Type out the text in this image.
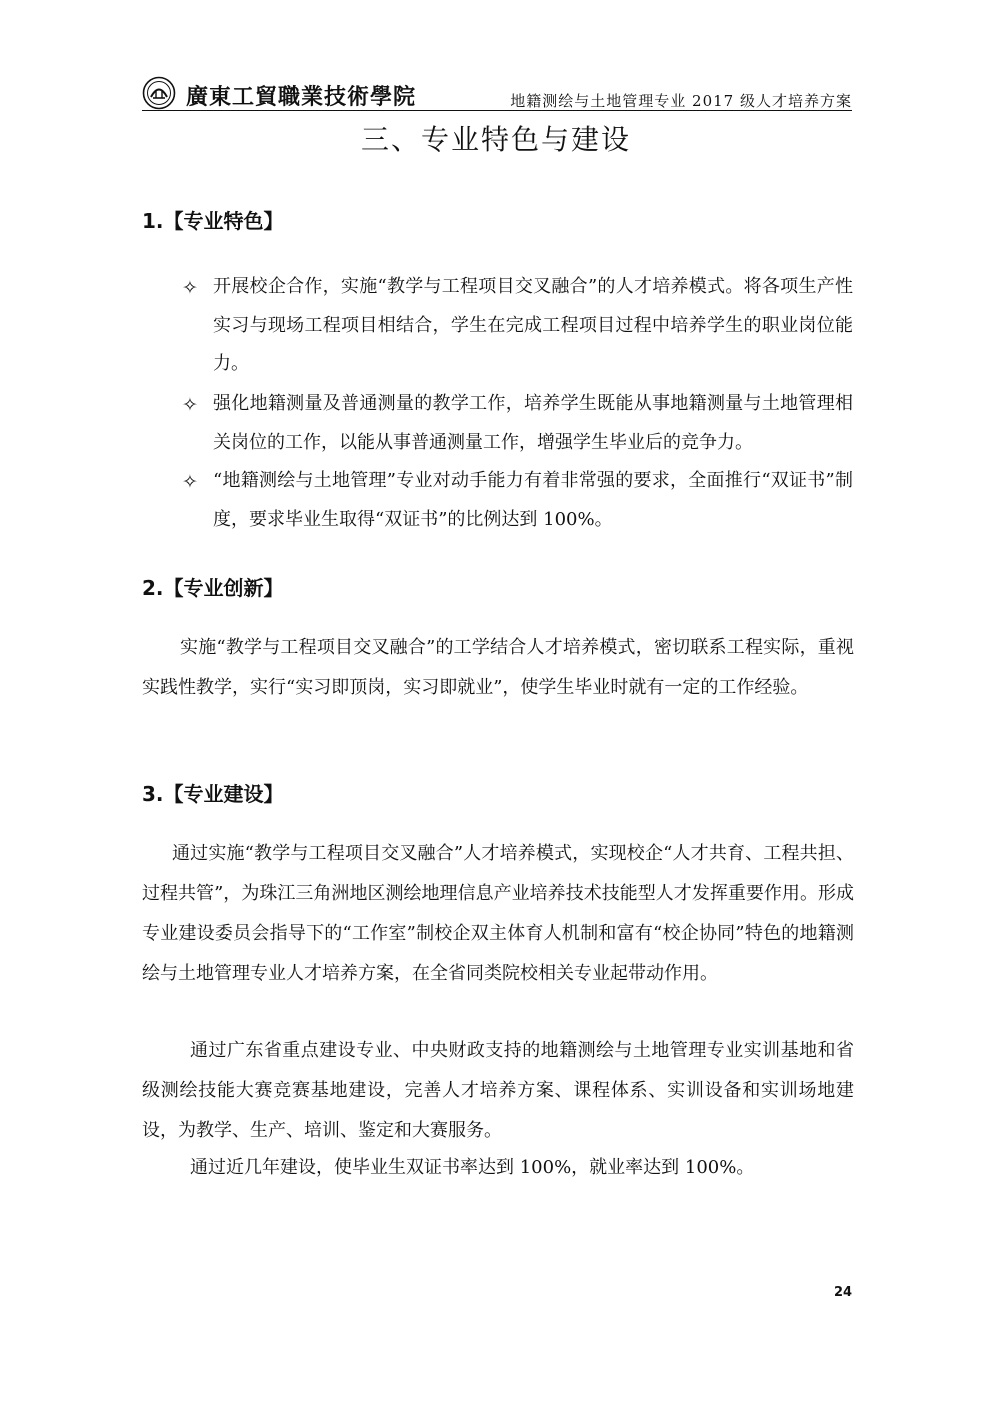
廣東工貿職業技術學院	地籍测绘与土地管理专业 2017 级人才培养方案
三、专业特色与建设
1.【专业特色】
✧ 开展校企合作，实施“教学与工程项目交叉融合”的人才培养模式。将各项生产性实习与现场工程项目相结合，学生在完成工程项目过程中培养学生的职业岗位能力。
✧ 强化地籍测量及普通测量的教学工作，培养学生既能从事地籍测量与土地管理相关岗位的工作，以能从事普通测量工作，增强学生毕业后的竞争力。
✧ “地籍测绘与土地管理”专业对动手能力有着非常强的要求，全面推行“双证书”制度，要求毕业生取得“双证书”的比例达到 100%。
2.【专业创新】
实施“教学与工程项目交叉融合”的工学结合人才培养模式，密切联系工程实际，重视实践性教学，实行“实习即顶岗，实习即就业”，使学生毕业时就有一定的工作经验。
3.【专业建设】
通过实施“教学与工程项目交叉融合”人才培养模式，实现校企“人才共育、工程共担、过程共管”，为珠江三角洲地区测绘地理信息产业培养技术技能型人才发挥重要作用。形成专业建设委员会指导下的“工作室”制校企双主体育人机制和富有“校企协同”特色的地籍测绘与土地管理专业人才培养方案，在全省同类院校相关专业起带动作用。
通过广东省重点建设专业、中央财政支持的地籍测绘与土地管理专业实训基地和省级测绘技能大赛竞赛基地建设，完善人才培养方案、课程体系、实训设备和实训场地建设，为教学、生产、培训、鉴定和大赛服务。
通过近几年建设，使毕业生双证书率达到 100%，就业率达到 100%。
24
